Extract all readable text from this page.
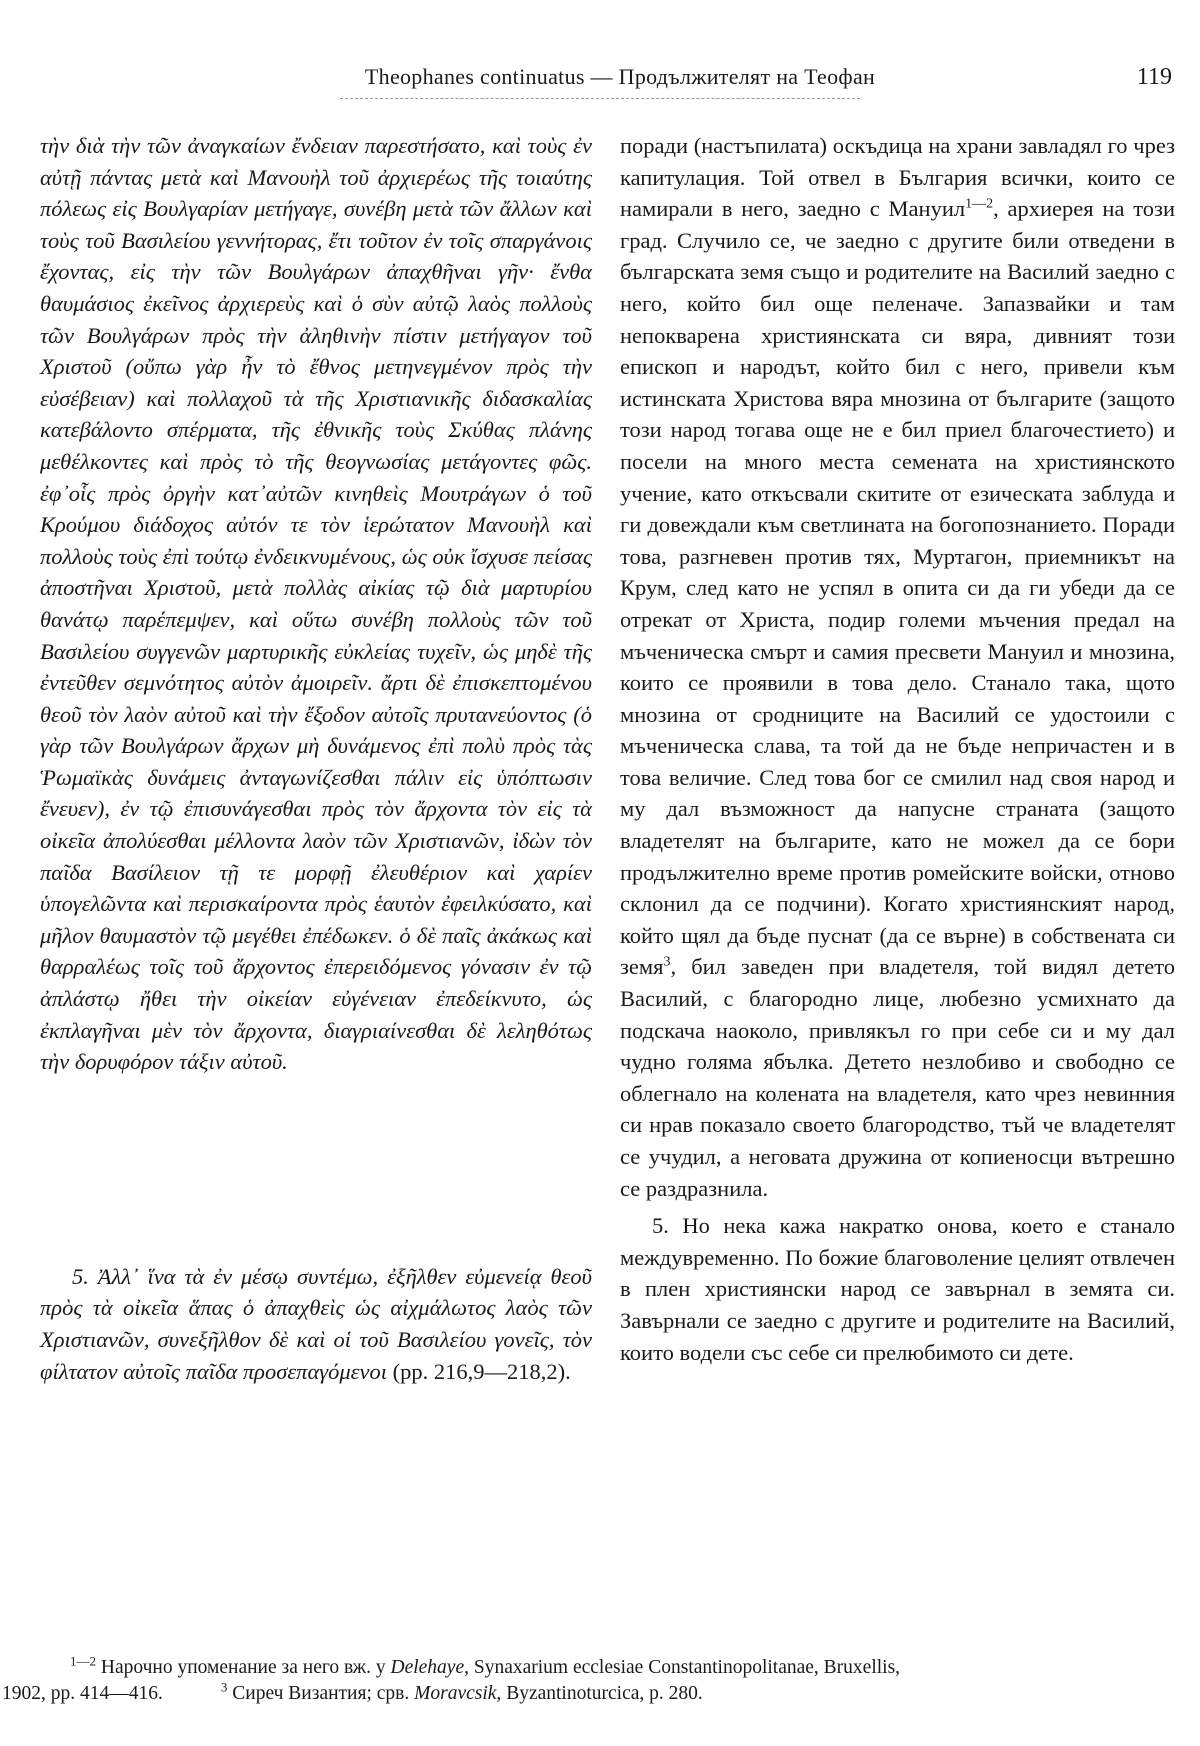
Theophanes continuatus — Продължителят на Теофан	119

τὴν διὰ τὴν τῶν ἀναγκαίων ἔνδειαν παρεστήσατο, καὶ τοὺς ἐν αὐτῇ πάντας μετὰ καὶ Μανουὴλ τοῦ ἀρχιερέως τῆς τοιαύτης πόλεως εἰς Βουλγαρίαν μετήγαγε, συνέβη μετὰ τῶν ἄλλων καὶ τοὺς τοῦ Βασιλείου γεννήτορας, ἔτι τοῦτον ἐν τοῖς σπαργάνοις ἔχοντας, εἰς τὴν τῶν Βουλγάρων ἀπαχθῆναι γῆν· ἔνθα θαυμάσιος ἐκεῖνος ἀρχιερεὺς καὶ ὁ σὺν αὐτῷ λαὸς πολλοὺς τῶν Βουλγάρων πρὸς τὴν ἀληθινὴν πίστιν μετήγαγον τοῦ Χριστοῦ (οὔπω γὰρ ἦν τὸ ἔθνος μετηνεγμένον πρὸς τὴν εὐσέβειαν) καὶ πολλαχοῦ τὰ τῆς Χριστιανικῆς διδασκαλίας κατεβάλοντο σπέρματα, τῆς ἐθνικῆς τοὺς Σκύθας πλάνης μεθέλκοντες καὶ πρὸς τὸ τῆς θεογνωσίας μετάγοντες φῶς. ἐφ᾽οἷς πρὸς ὀργὴν κατ᾽αὐτῶν κινηθεὶς Μουτράγων ὁ τοῦ Κρούμου διάδοχος αὐτόν τε τὸν ἱερώτατον Μανουὴλ καὶ πολλοὺς τοὺς ἐπὶ τούτῳ ἐνδεικνυμένους, ὡς οὐκ ἴσχυσε πείσας ἀποστῆναι Χριστοῦ, μετὰ πολλὰς αἰκίας τῷ διὰ μαρτυρίου θανάτῳ παρέπεμψεν, καὶ οὕτω συνέβη πολλοὺς τῶν τοῦ Βασιλείου συγγενῶν μαρτυρικῆς εὐκλείας τυχεῖν, ὡς μηδὲ τῆς ἐντεῦθεν σεμνότητος αὐτὸν ἀμοιρεῖν. ἄρτι δὲ ἐπισκεπτομένου θεοῦ τὸν λαὸν αὐτοῦ καὶ τὴν ἔξοδον αὐτοῖς πρυτανεύοντος (ὁ γὰρ τῶν Βουλγάρων ἄρχων μὴ δυνάμενος ἐπὶ πολὺ πρὸς τὰς Ῥωμαϊκὰς δυνάμεις ἀνταγωνίζεσθαι πάλιν εἰς ὑπόπτωσιν ἔνευεν), ἐν τῷ ἐπισυνάγεσθαι πρὸς τὸν ἄρχοντα τὸν εἰς τὰ οἰκεῖα ἀπολύεσθαι μέλλοντα λαὸν τῶν Χριστιανῶν, ἰδὼν τὸν παῖδα Βασίλειον τῇ τε μορφῇ ἐλευθέριον καὶ χαρίεν ὑπογελῶντα καὶ περισκαίροντα πρὸς ἑαυτὸν ἐφειλκύσατο, καὶ μῆλον θαυμαστὸν τῷ μεγέθει ἐπέδωκεν. ὁ δὲ παῖς ἀκάκως καὶ θαρραλέως τοῖς τοῦ ἄρχοντος ἐπερειδόμενος γόνασιν ἐν τῷ ἀπλάστῳ ἤθει τὴν οἰκείαν εὐγένειαν ἐπεδείκνυτο, ὡς ἐκπλαγῆναι μὲν τὸν ἄρχοντα, διαγριαίνεσθαι δὲ λεληθότως τὴν δορυφόρον τάξιν αὐτοῦ.

5. Ἀλλ᾽ ἵνα τὰ ἐν μέσῳ συντέμω, ἐξῆλθεν εὐμενείᾳ θεοῦ πρὸς τὰ οἰκεῖα ἅπας ὁ ἀπαχθεὶς ὡς αἰχμάλωτος λαὸς τῶν Χριστιανῶν, συνεξῆλθον δὲ καὶ οἱ τοῦ Βασιλείου γονεῖς, τὸν φίλτατον αὐτοῖς παῖδα προσεπαγόμενοι (pp. 216,9—218,2).

поради (настъпилата) оскъдица на храни завладял го чрез капитулация. Той отвел в България всички, които се намирали в него, заедно с Мануил$^{1—2}$, архиерея на този град. Случило се, че заедно с другите били отведени в българската земя също и родителите на Василий заедно с него, който бил още пеленаче. Запазвайки и там непокварена християнската си вяра, дивният този епископ и народът, който бил с него, привели към истинската Христова вяра мнозина от българите (защото този народ тогава още не е бил приел благочестието) и посели на много места семената на християнското учение, като откъсвали скитите от езическата заблуда и ги довеждали към светлината на богопознанието. Поради това, разгневен против тях, Муртагон, приемникът на Крум, след като не успял в опита си да ги убеди да се отрекат от Христа, подир големи мъчения предал на мъченическа смърт и самия пресвети Мануил и мнозина, които се проявили в това дело. Станало така, щото мнозина от сродниците на Василий се удостоили с мъченическа слава, та той да не бъде непричастен и в това величие. След това бог се смилил над своя народ и му дал възможност да напусне страната (защото владетелят на българите, като не можел да се бори продължително време против ромейските войски, отново склонил да се подчини). Когато християнският народ, който щял да бъде пуснат (да се върне) в собствената си земя$^3$, бил заведен при владетеля, той видял детето Василий, с благородно лице, любезно усмихнато да подскача наоколо, привлякъл го при себе си и му дал чудно голяма ябълка. Детето незлобиво и свободно се облегнало на колената на владетеля, като чрез невинния си нрав показало своето благородство, тъй че владетелят се учудил, а неговата дружина от копиеносци вътрешно се раздразнила.

5. Но нека кажа накратко онова, което е станало междувременно. По божие благоволение целият отвлечен в плен християнски народ се завърнал в земята си. Завърнали се заедно с другите и родителите на Василий, които водели със себе си прелюбимото си дете.

$^{1—2}$ Нарочно упоменание за него вж. у Delehaye, Synaxarium ecclesiae Constantinopolitanae, Bruxellis,
1902, pp. 414—416.	$^3$ Сиреч Византия; срв. Moravcsik, Byzantinoturcica, p. 280.
